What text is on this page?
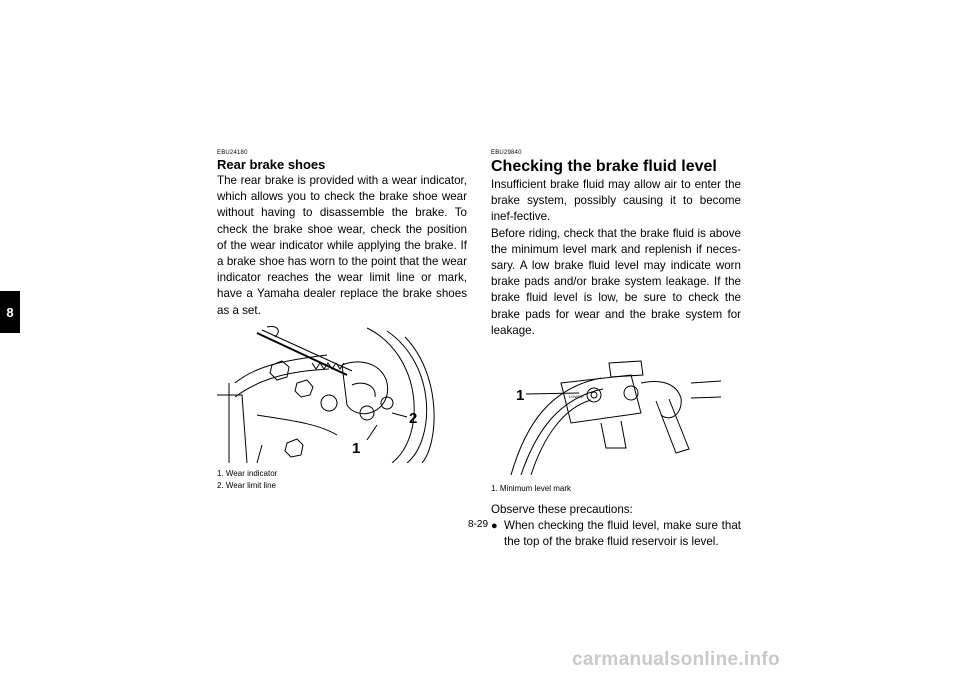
8
EBU24180
Rear brake shoes

The rear brake is provided with a wear indicator, which allows you to check the brake shoe wear without having to disassemble the brake. To check the brake shoe wear, check the position of the wear indicator while applying the brake. If a brake shoe has worn to the point that the wear indicator reaches the wear limit line or mark, have a Yamaha dealer replace the brake shoes as a set.

1
2
1. Wear indicator
2. Wear limit line
EBU29840
Checking the brake fluid level

Insufficient brake fluid may allow air to enter the brake system, possibly causing it to become inef-fective.

Before riding, check that the brake fluid is above the minimum level mark and replenish if neces-sary. A low brake fluid level may indicate worn brake pads and/or brake system leakage. If the brake fluid level is low, be sure to check the brake pads for wear and the brake system for leakage.

LOWER
1
1. Minimum level mark

Observe these precautions:

● When checking the fluid level, make sure that the top of the brake fluid reservoir is level.
8-29
carmanualsonline.info
